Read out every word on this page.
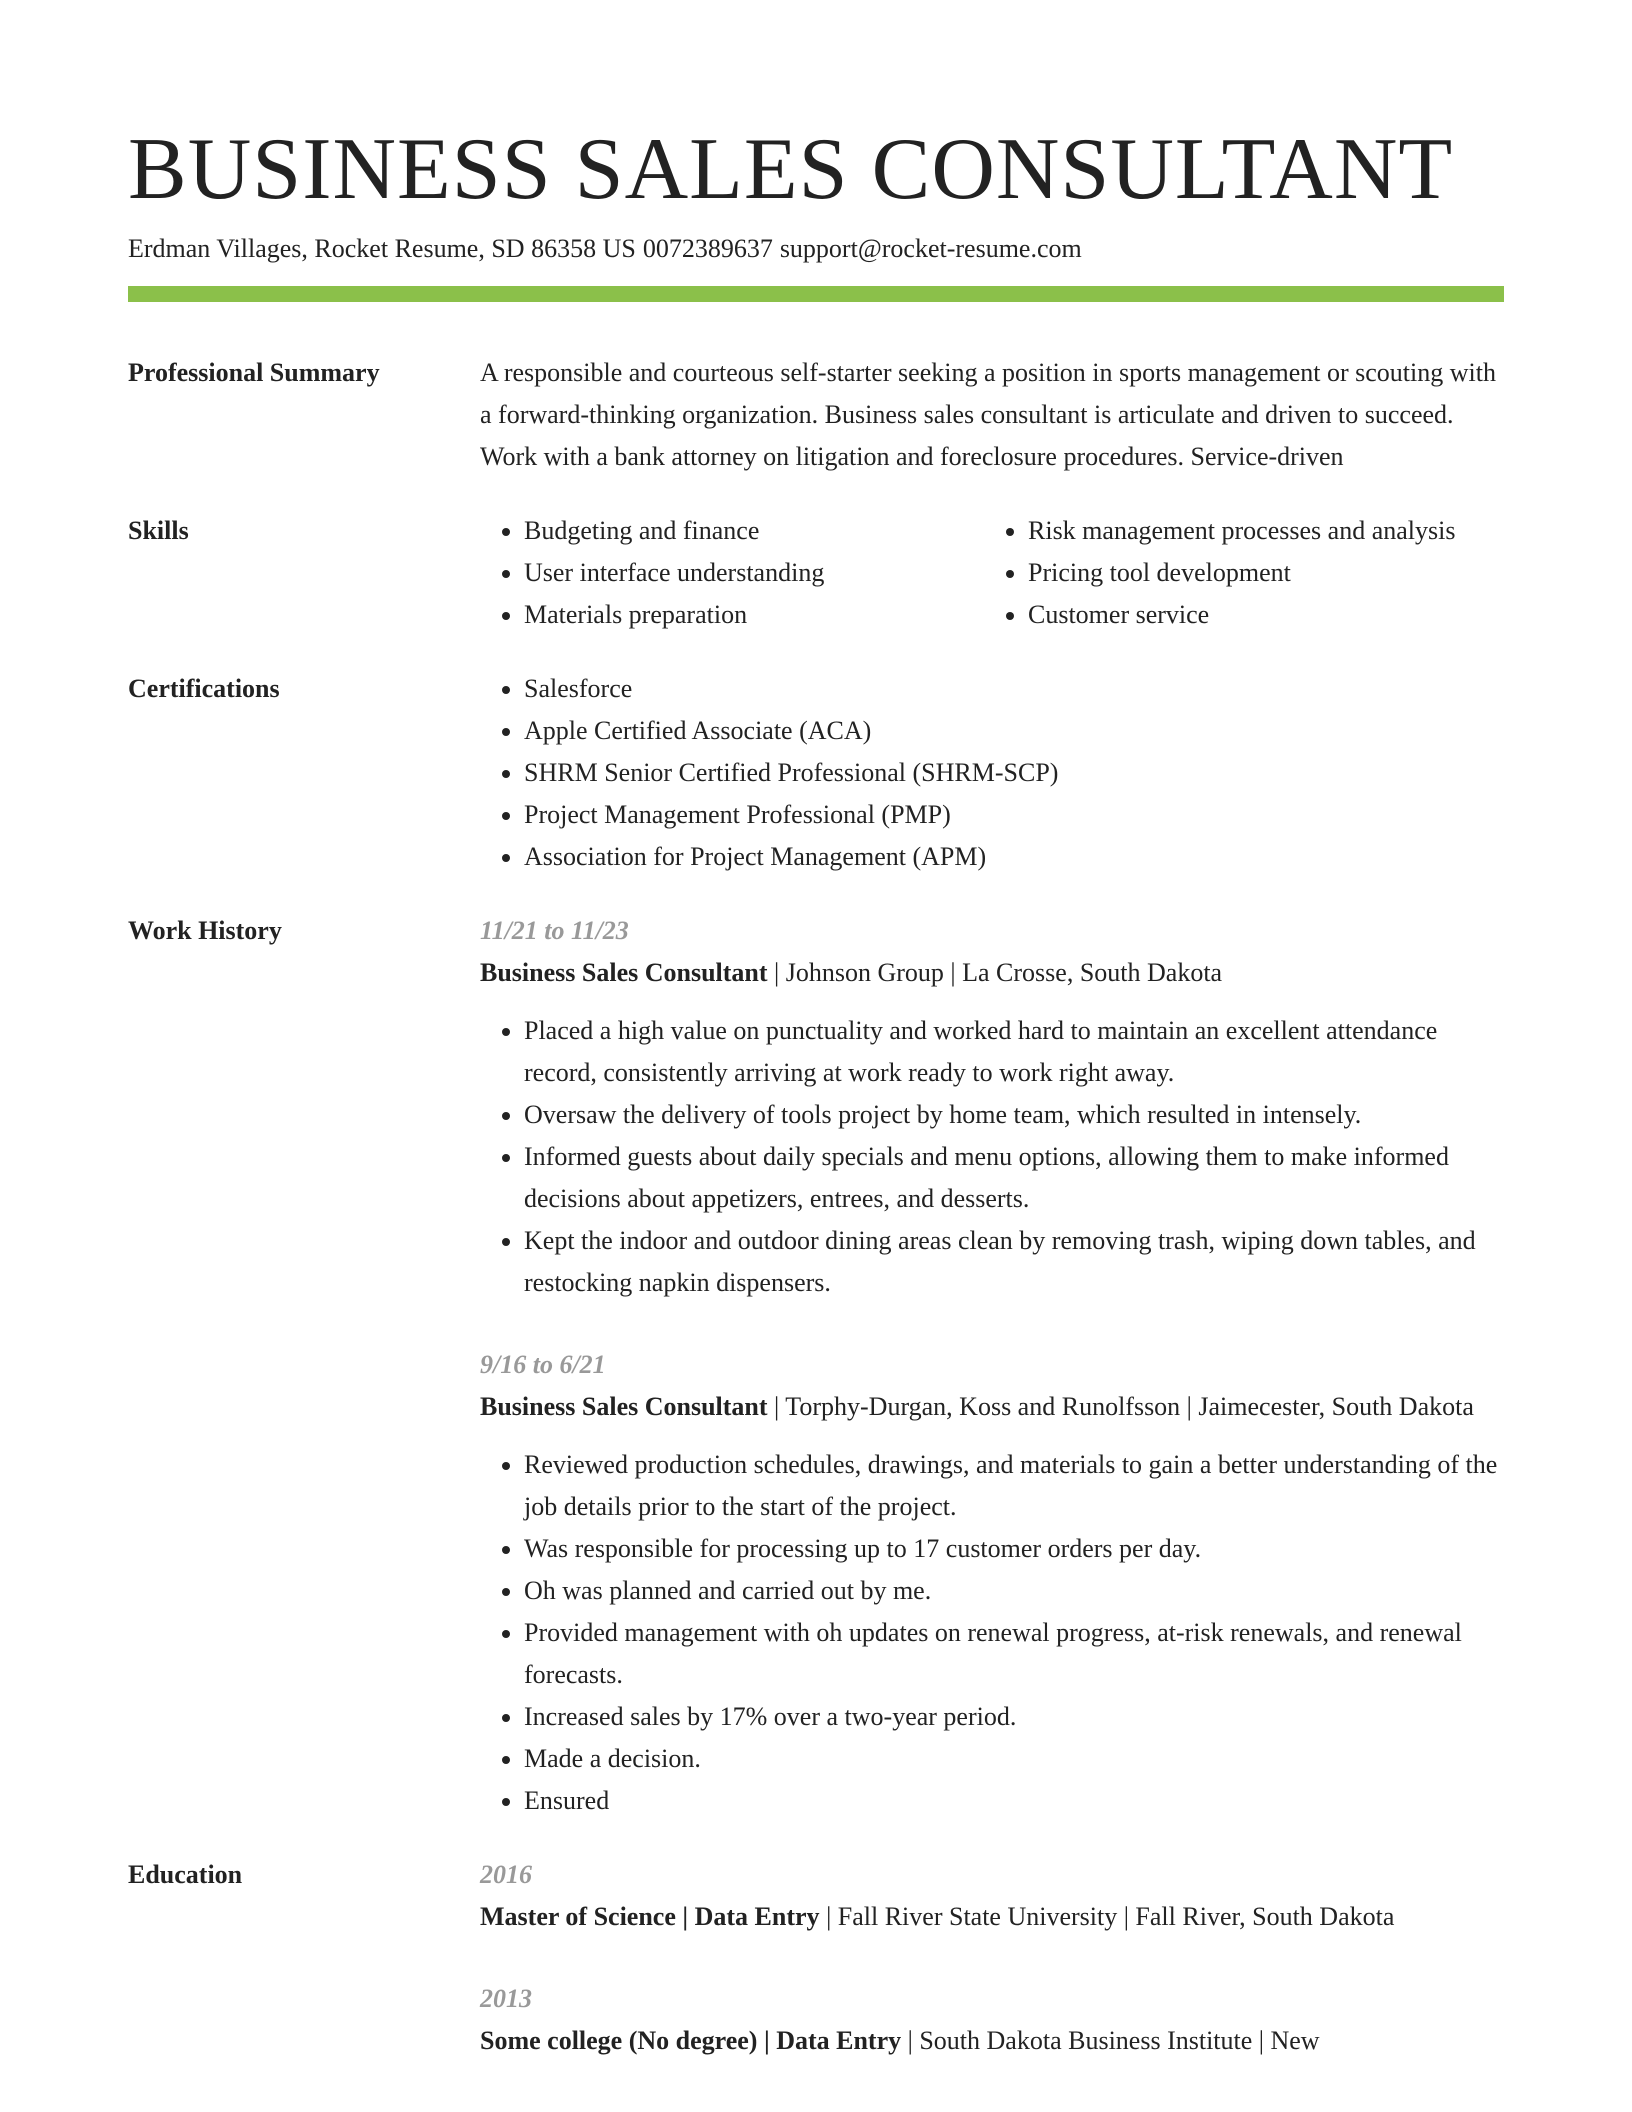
BUSINESS SALES CONSULTANT
Erdman Villages, Rocket Resume, SD 86358 US 0072389637 support@rocket-resume.com
Professional Summary	A responsible and courteous self-starter seeking a position in sports management or scouting with a forward-thinking organization. Business sales consultant is articulate and driven to succeed. Work with a bank attorney on litigation and foreclosure procedures. Service-driven
Skills	• Budgeting and finance
• User interface understanding
• Materials preparation
• Risk management processes and analysis
• Pricing tool development
• Customer service
Certifications	• Salesforce
• Apple Certified Associate (ACA)
• SHRM Senior Certified Professional (SHRM-SCP)
• Project Management Professional (PMP)
• Association for Project Management (APM)
Work History	11/21 to 11/23
Business Sales Consultant | Johnson Group | La Crosse, South Dakota
• Placed a high value on punctuality and worked hard to maintain an excellent attendance record, consistently arriving at work ready to work right away.
• Oversaw the delivery of tools project by home team, which resulted in intensely.
• Informed guests about daily specials and menu options, allowing them to make informed decisions about appetizers, entrees, and desserts.
• Kept the indoor and outdoor dining areas clean by removing trash, wiping down tables, and restocking napkin dispensers.
9/16 to 6/21
Business Sales Consultant | Torphy-Durgan, Koss and Runolfsson | Jaimecester, South Dakota
• Reviewed production schedules, drawings, and materials to gain a better understanding of the job details prior to the start of the project.
• Was responsible for processing up to 17 customer orders per day.
• Oh was planned and carried out by me.
• Provided management with oh updates on renewal progress, at-risk renewals, and renewal forecasts.
• Increased sales by 17% over a two-year period.
• Made a decision.
• Ensured
Education	2016
Master of Science | Data Entry | Fall River State University | Fall River, South Dakota
2013
Some college (No degree) | Data Entry | South Dakota Business Institute | New
